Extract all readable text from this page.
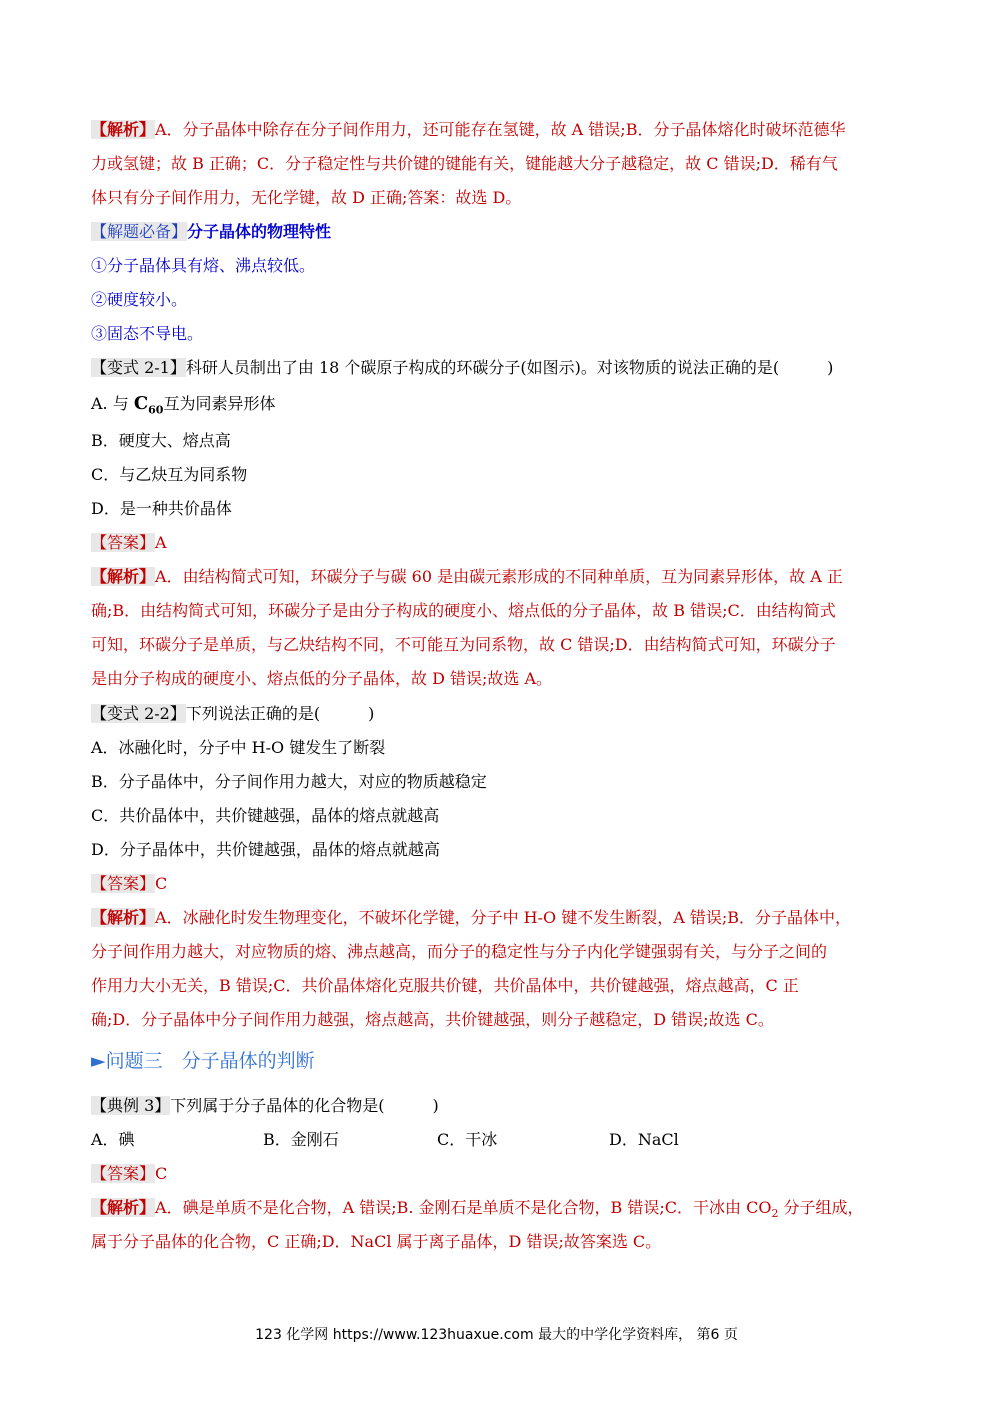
【解析】A．分子晶体中除存在分子间作用力，还可能存在氢键，故 A 错误;B．分子晶体熔化时破坏范德华
力或氢键；故 B 正确；C．分子稳定性与共价键的键能有关，键能越大分子越稳定，故 C 错误;D．稀有气
体只有分子间作用力，无化学键，故 D 正确;答案：故选 D。
【解题必备】分子晶体的物理特性
①分子晶体具有熔、沸点较低。
②硬度较小。
③固态不导电。
【变式 2-1】科研人员制出了由 18 个碳原子构成的环碳分子(如图示)。对该物质的说法正确的是(　　　)
A. 与 $C_{60}$互为同素异形体
B．硬度大、熔点高
C．与乙炔互为同系物
D．是一种共价晶体
【答案】A
【解析】A．由结构简式可知，环碳分子与碳 60 是由碳元素形成的不同种单质，互为同素异形体，故 A 正
确;B．由结构简式可知，环碳分子是由分子构成的硬度小、熔点低的分子晶体，故 B 错误;C．由结构简式
可知，环碳分子是单质，与乙炔结构不同，不可能互为同系物，故 C 错误;D．由结构简式可知，环碳分子
是由分子构成的硬度小、熔点低的分子晶体，故 D 错误;故选 A。
【变式 2-2】下列说法正确的是(　　　)
A．冰融化时，分子中 H-O 键发生了断裂
B．分子晶体中，分子间作用力越大，对应的物质越稳定
C．共价晶体中，共价键越强，晶体的熔点就越高
D．分子晶体中，共价键越强，晶体的熔点就越高
【答案】C
【解析】A．冰融化时发生物理变化，不破坏化学键，分子中 H-O 键不发生断裂，A 错误;B．分子晶体中，
分子间作用力越大，对应物质的熔、沸点越高，而分子的稳定性与分子内化学键强弱有关，与分子之间的
作用力大小无关，B 错误;C．共价晶体熔化克服共价键，共价晶体中，共价键越强，熔点越高，C 正
确;D．分子晶体中分子间作用力越强，熔点越高，共价键越强，则分子越稳定，D 错误;故选 C。
►问题三　分子晶体的判断
【典例 3】下列属于分子晶体的化合物是(　　　)
A．碘	B．金刚石	C．干冰	D．NaCl
【答案】C
【解析】A．碘是单质不是化合物，A 错误;B. 金刚石是单质不是化合物，B 错误;C．干冰由 $CO_2$ 分子组成，
属于分子晶体的化合物，C 正确;D．NaCl 属于离子晶体，D 错误;故答案选 C。
123 化学网 https://www.123huaxue.com 最大的中学化学资料库， 第6 页
